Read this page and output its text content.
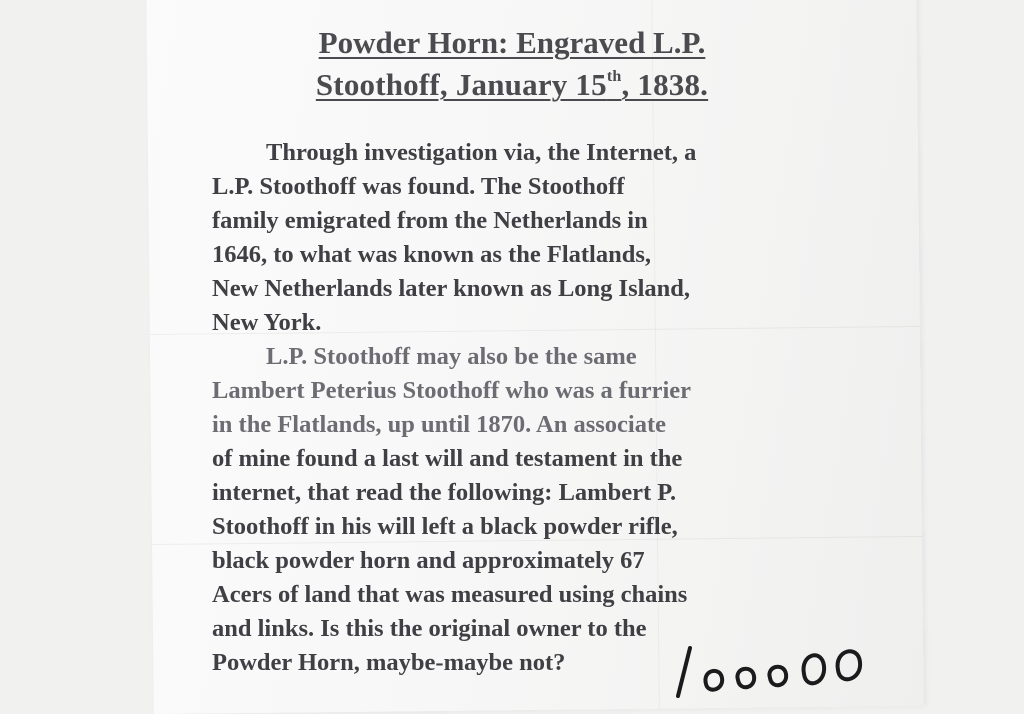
Powder Horn: Engraved L.P.
Stoothoff, January 15th, 1838.
Through investigation via, the Internet, a
L.P. Stoothoff was found. The Stoothoff
family emigrated from the Netherlands in
1646, to what was known as the Flatlands,
New Netherlands later known as Long Island,
New York.
L.P. Stoothoff may also be the same
Lambert Peterius Stoothoff who was a furrier
in the Flatlands, up until 1870. An associate
of mine found a last will and testament in the
internet, that read the following: Lambert P.
Stoothoff in his will left a black powder rifle,
black powder horn and approximately 67
Acers of land that was measured using chains
and links. Is this the original owner to the
Powder Horn, maybe-maybe not?
